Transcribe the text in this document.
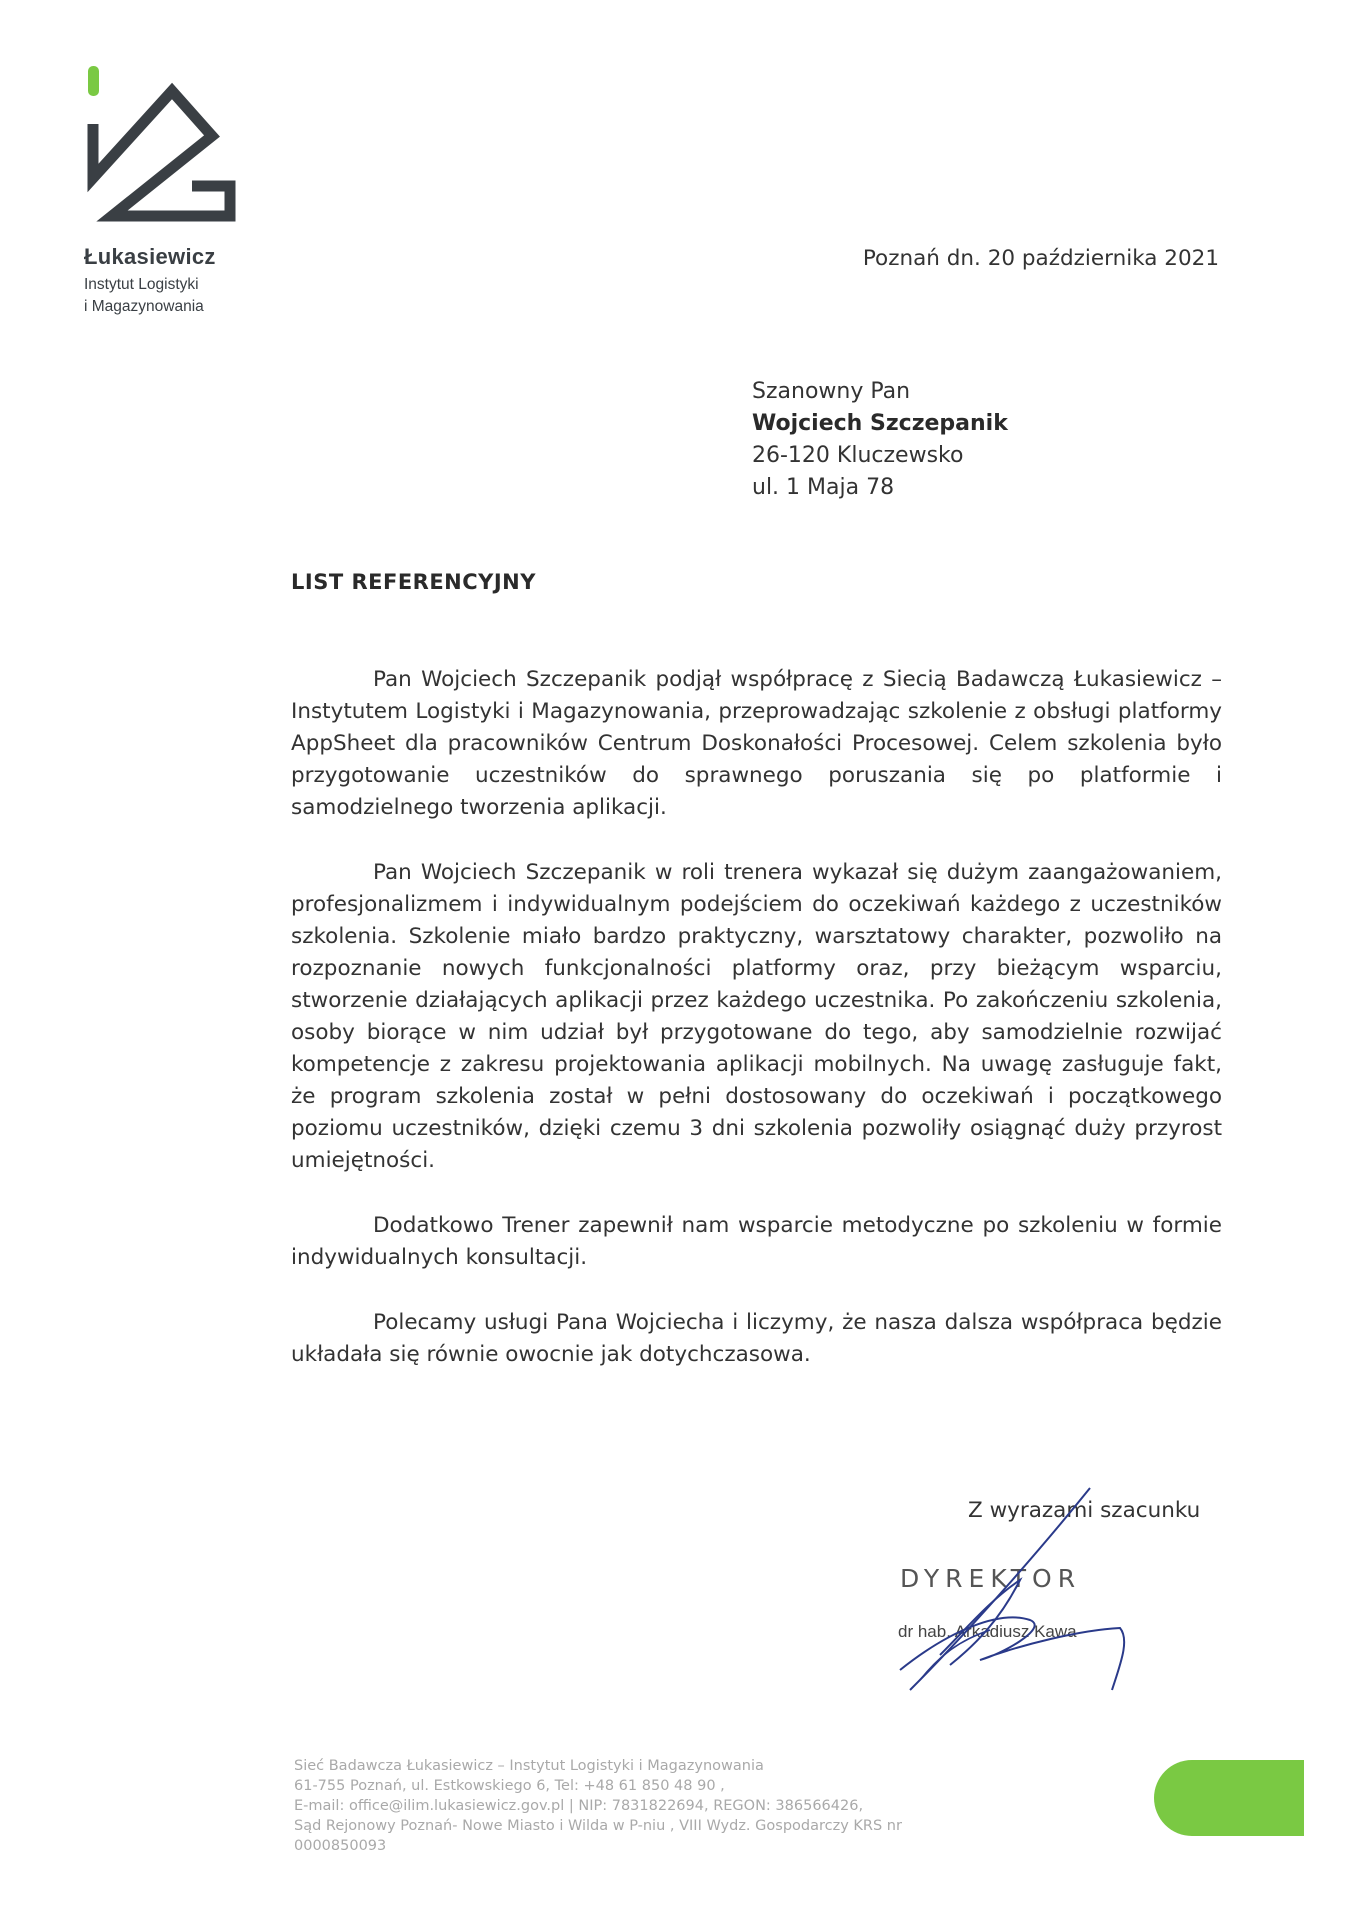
Łukasiewicz
Instytut Logistyki
i Magazynowania
Poznań dn. 20 października 2021
Szanowny Pan
Wojciech Szczepanik
26-120 Kluczewsko
ul. 1 Maja 78
LIST REFERENCYJNY

Pan Wojciech Szczepanik podjął współpracę z Siecią Badawczą Łukasiewicz – Instytutem Logistyki i Magazynowania, przeprowadzając szkolenie z obsługi platformy AppSheet dla pracowników Centrum Doskonałości Procesowej. Celem szkolenia było przygotowanie uczestników do sprawnego poruszania się po platformie i samodzielnego tworzenia aplikacji.

Pan Wojciech Szczepanik w roli trenera wykazał się dużym zaangażowaniem, profesjonalizmem i indywidualnym podejściem do oczekiwań każdego z uczestników szkolenia. Szkolenie miało bardzo praktyczny, warsztatowy charakter, pozwoliło na rozpoznanie nowych funkcjonalności platformy oraz, przy bieżącym wsparciu, stworzenie działających aplikacji przez każdego uczestnika. Po zakończeniu szkolenia, osoby biorące w nim udział był przygotowane do tego, aby samodzielnie rozwijać kompetencje z zakresu projektowania aplikacji mobilnych. Na uwagę zasługuje fakt, że program szkolenia został w pełni dostosowany do oczekiwań i początkowego poziomu uczestników, dzięki czemu 3 dni szkolenia pozwoliły osiągnąć duży przyrost umiejętności.

Dodatkowo Trener zapewnił nam wsparcie metodyczne po szkoleniu w formie indywidualnych konsultacji.

Polecamy usługi Pana Wojciecha i liczymy, że nasza dalsza współpraca będzie układała się równie owocnie jak dotychczasowa.

Z wyrazami szacunku
DYREKTOR
dr hab. Arkadiusz Kawa
Sieć Badawcza Łukasiewicz – Instytut Logistyki i Magazynowania
61-755 Poznań, ul. Estkowskiego 6, Tel: +48 61 850 48 90 ,
E-mail: office@ilim.lukasiewicz.gov.pl | NIP: 7831822694, REGON: 386566426,
Sąd Rejonowy Poznań- Nowe Miasto i Wilda w P-niu , VIII Wydz. Gospodarczy KRS nr
0000850093
